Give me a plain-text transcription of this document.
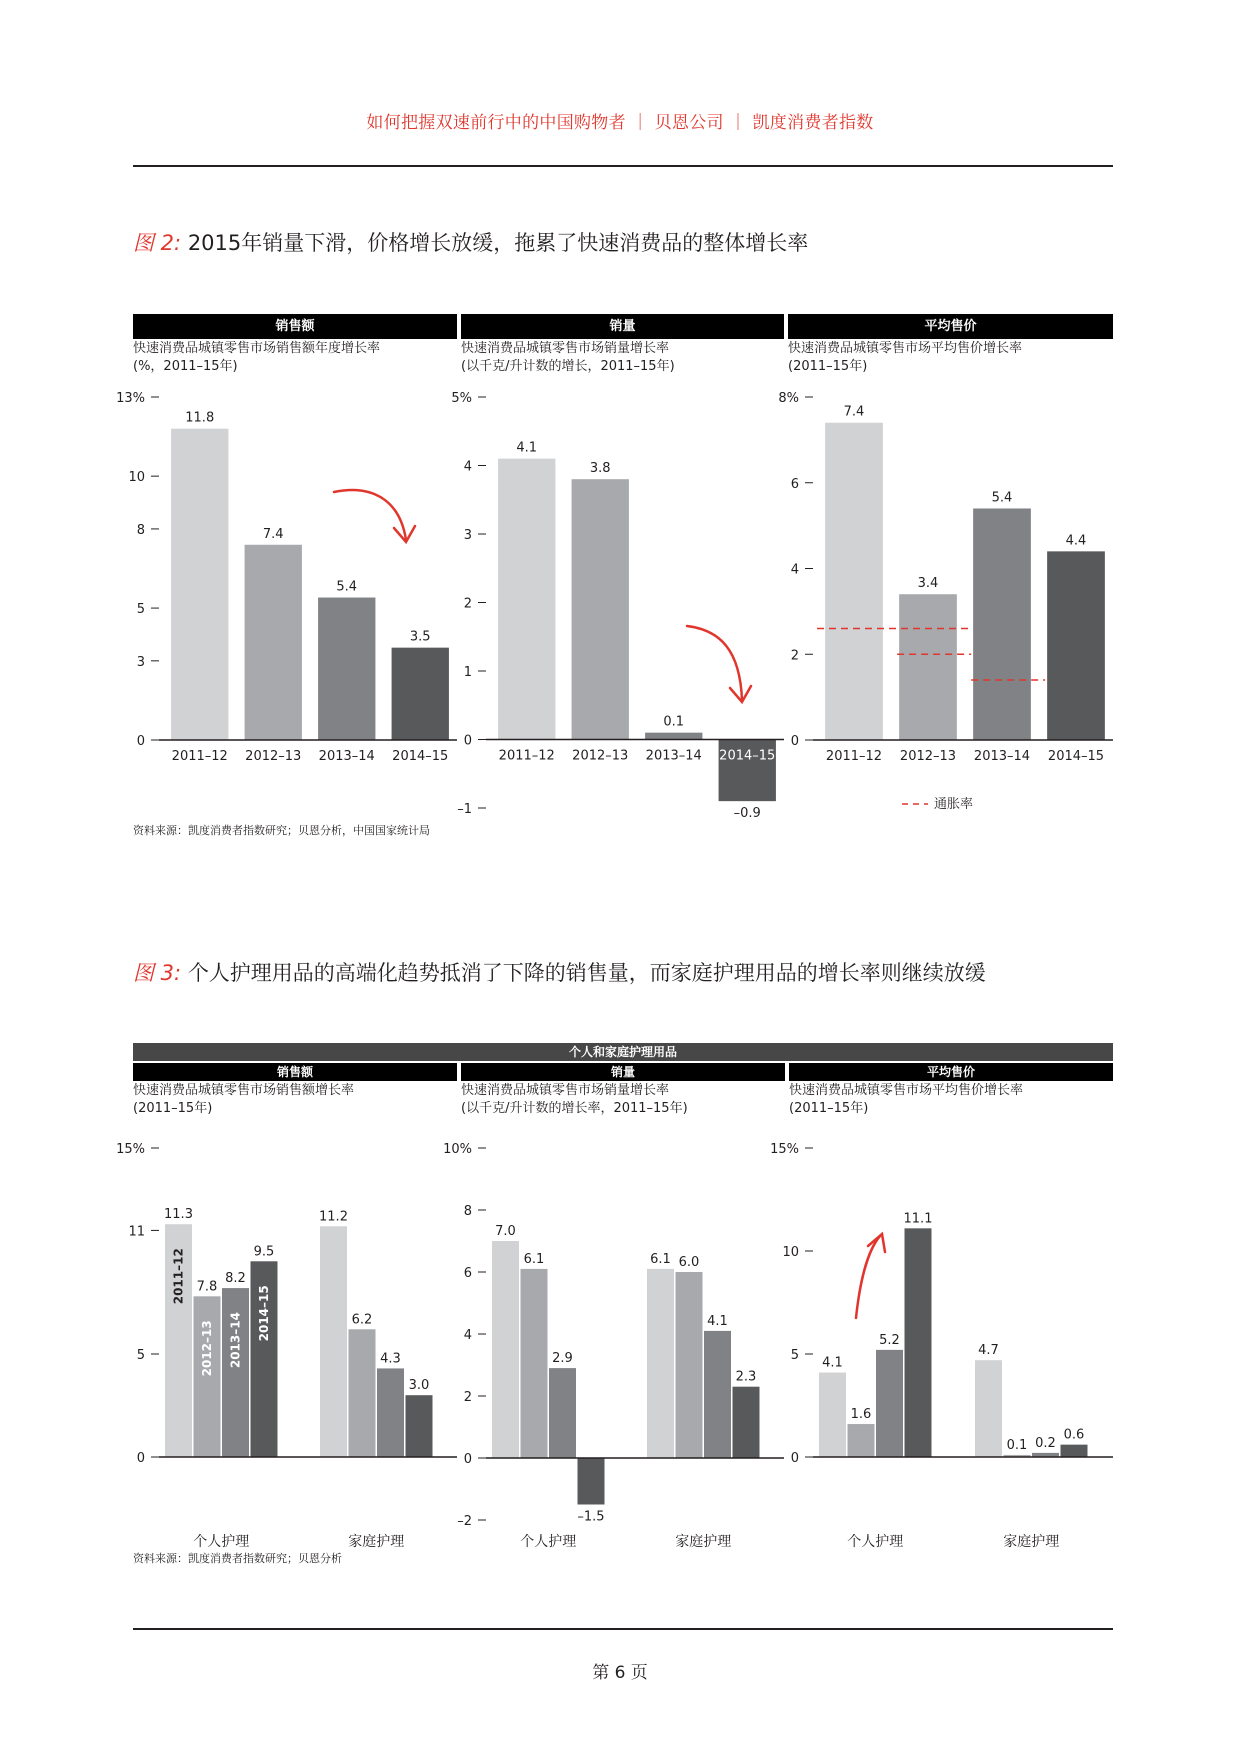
如何把握双速前行中的中国购物者 ｜ 贝恩公司 ｜ 凯度消费者指数
图 2: 2015年销量下滑，价格增长放缓，拖累了快速消费品的整体增长率
销售额	销量	平均售价
快速消费品城镇零售市场销售额年度增长率
(%，2011–15年)
快速消费品城镇零售市场销量增长率
(以千克/升计数的增长，2011–15年)
快速消费品城镇零售市场平均售价增长率
(2011–15年)
0
3
5
8
10
13%
11.8
2011–12
7.4
2012–13
5.4
2013–14
3.5
2014–15
–1
0
1
2
3
4
5%
4.1
2011–12
3.8
2012–13
0.1
2013–14
–0.9
2014–15
0
2
4
6
8%
7.4
2011–12
3.4
2012–13
5.4
2013–14
4.4
2014–15
通胀率
0
5
11
15%
11.3
2011–12 7.8
2012–13
8.2
2013–14
9.5
2014–15
个人护理
11.2
6.2
4.3
3.0
家庭护理
–2
0
2
4
6
8
10%
7.0
6.1
2.9
–1.5
个人护理
6.1 6.0
4.1
2.3
家庭护理
0
5
10
15%
4.1
1.6
5.2
11.1
个人护理
4.7
0.1 0.2
0.6
家庭护理
资料来源：凯度消费者指数研究；贝恩分析，中国国家统计局
图 3: 个人护理用品的高端化趋势抵消了下降的销售量，而家庭护理用品的增长率则继续放缓
个人和家庭护理用品
销售额	销量	平均售价
快速消费品城镇零售市场销售额增长率
(2011–15年)
快速消费品城镇零售市场销量增长率
(以千克/升计数的增长率，2011–15年)
快速消费品城镇零售市场平均售价增长率
(2011–15年)
资料来源：凯度消费者指数研究；贝恩分析
第 6 页
